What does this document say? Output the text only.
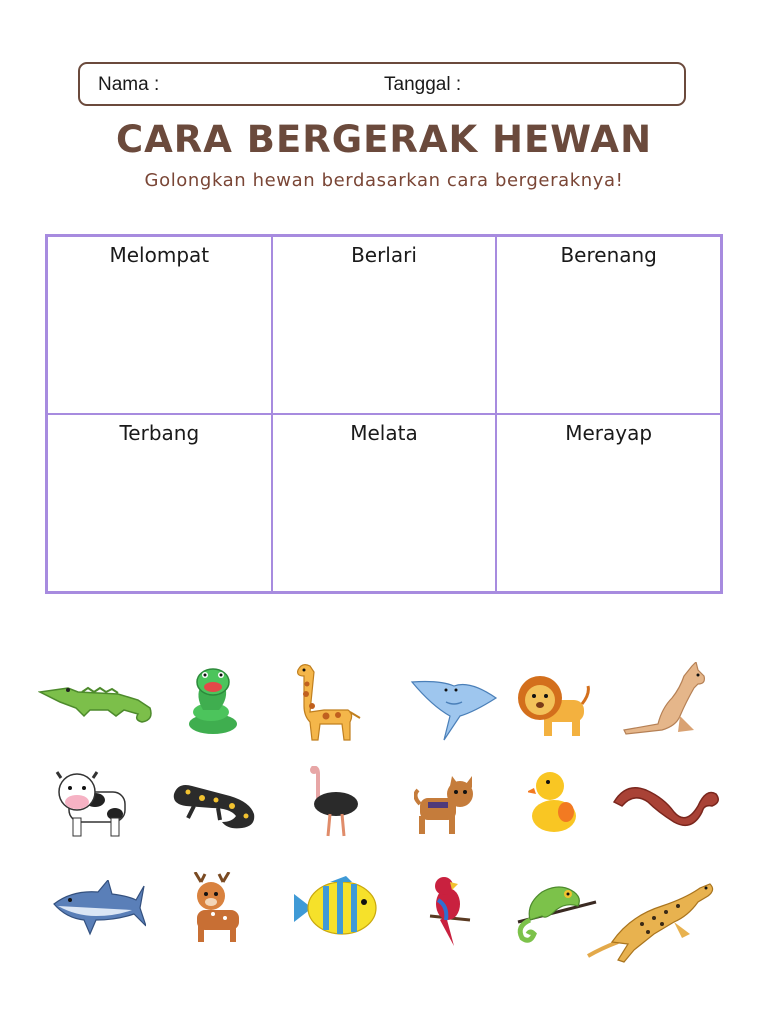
Nama :	Tanggal :
CARA BERGERAK HEWAN
Golongkan hewan berdasarkan cara bergeraknya!
Melompat	Berlari	Berenang
Terbang	Melata	Merayap
